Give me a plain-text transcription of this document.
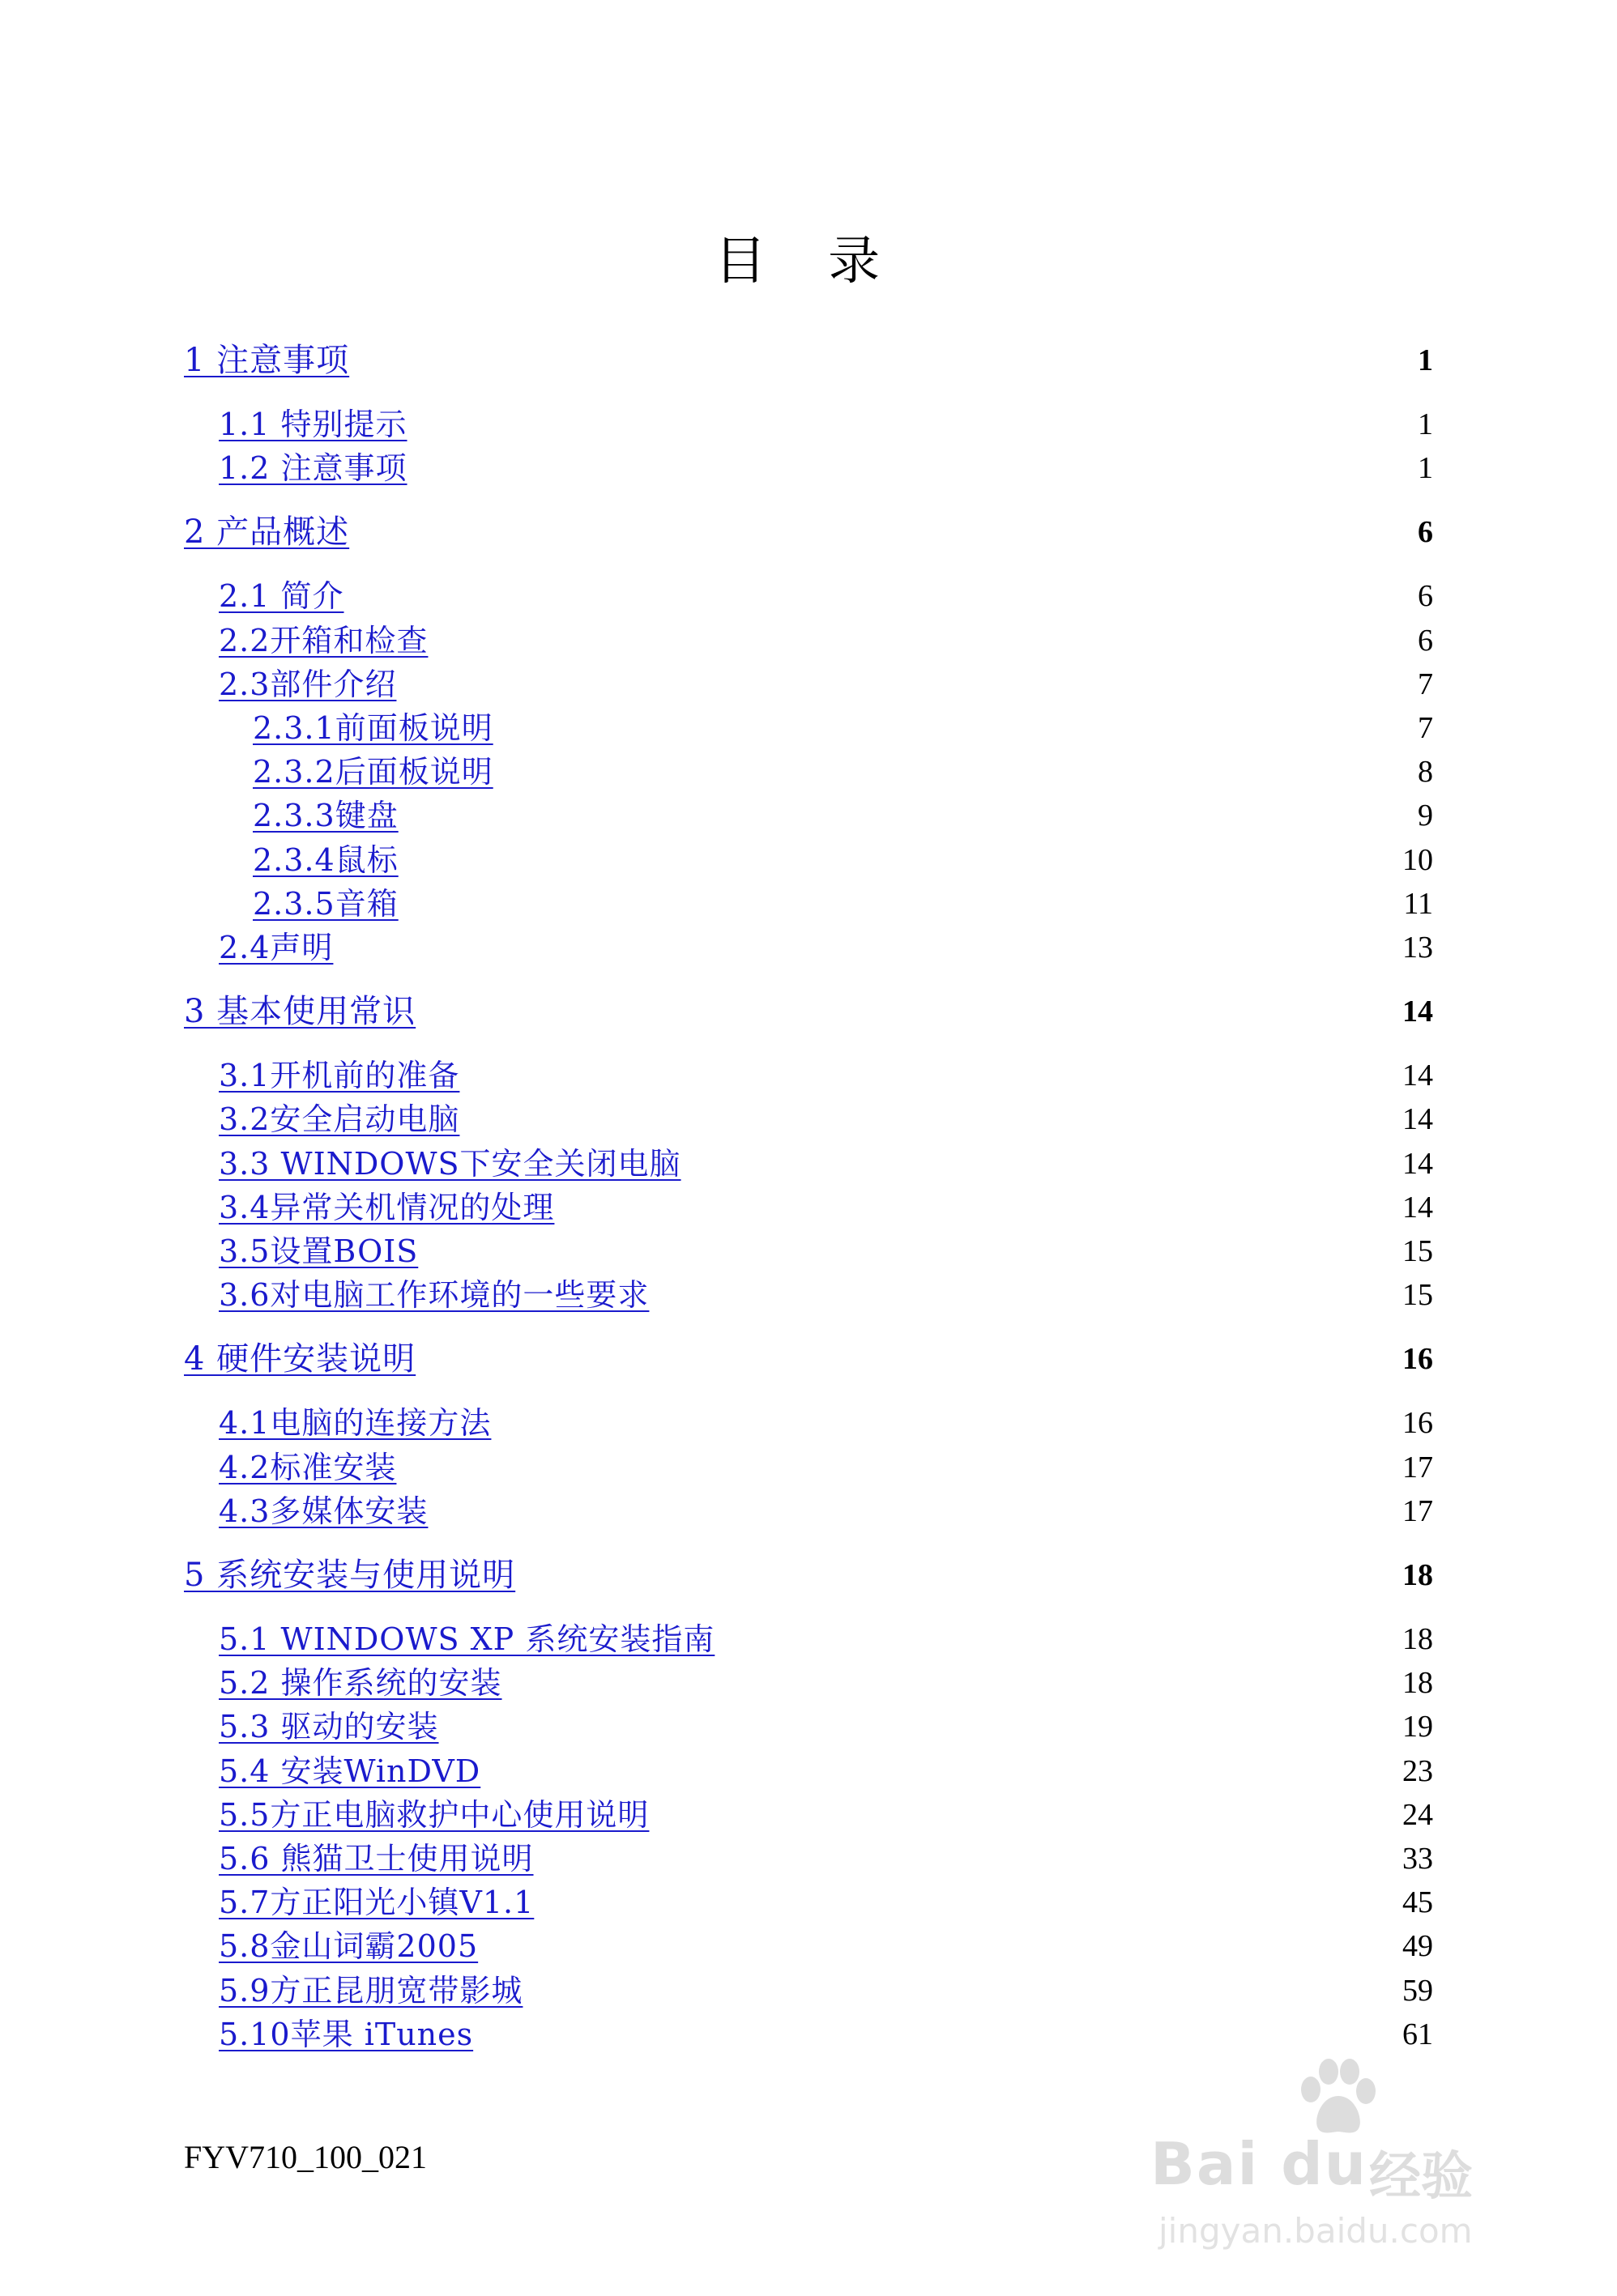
目 录
1 注意事项	1
1.1 特别提示	1
1.2 注意事项	1
2 产品概述	6
2.1 简介	6
2.2开箱和检查	6
2.3部件介绍	7
2.3.1前面板说明	7
2.3.2后面板说明	8
2.3.3键盘	9
2.3.4鼠标	10
2.3.5音箱	11
2.4声明	13
3 基本使用常识	14
3.1开机前的准备	14
3.2安全启动电脑	14
3.3 WINDOWS下安全关闭电脑	14
3.4异常关机情况的处理	14
3.5设置BOIS	15
3.6对电脑工作环境的一些要求	15
4 硬件安装说明	16
4.1电脑的连接方法	16
4.2标准安装	17
4.3多媒体安装	17
5 系统安装与使用说明	18
5.1 WINDOWS XP 系统安装指南	18
5.2 操作系统的安装	18
5.3 驱动的安装	19
5.4 安装WinDVD	23
5.5方正电脑救护中心使用说明	24
5.6 熊猫卫士使用说明	33
5.7方正阳光小镇V1.1	45
5.8金山词霸2005	49
5.9方正昆朋宽带影城	59
5.10苹果 iTunes	61
FYV710_100_021	Bai du 经验
jingyan.baidu.com
